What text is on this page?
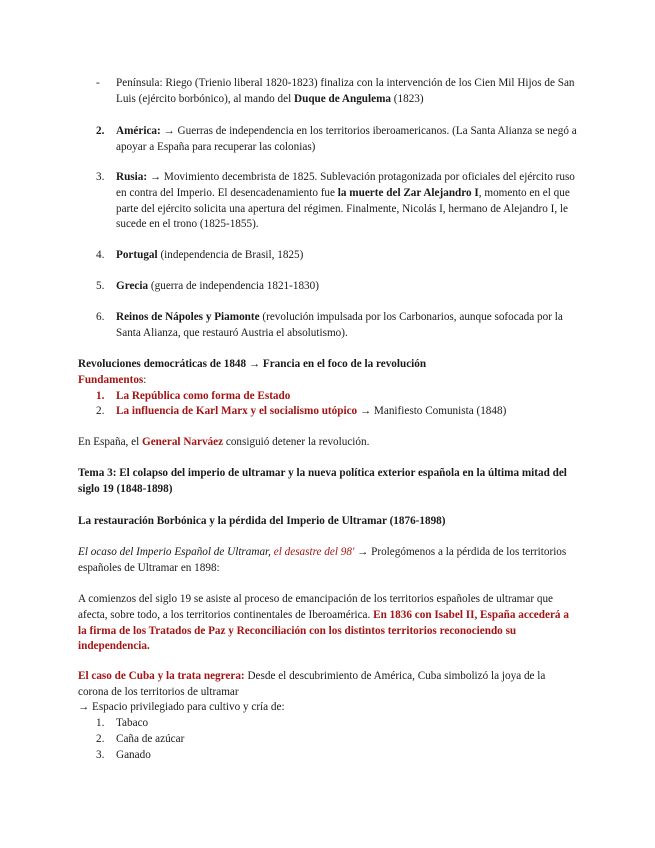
-	Península: Riego (Trienio liberal 1820-1823) finaliza con la intervención de los Cien Mil Hijos de San Luis (ejército borbónico), al mando del Duque de Angulema (1823)
2.	América: → Guerras de independencia en los territorios iberoamericanos. (La Santa Alianza se negó a apoyar a España para recuperar las colonias)
3.	Rusia: → Movimiento decembrista de 1825. Sublevación protagonizada por oficiales del ejército ruso en contra del Imperio. El desencadenamiento fue la muerte del Zar Alejandro I, momento en el que parte del ejército solicita una apertura del régimen. Finalmente, Nicolás I, hermano de Alejandro I, le sucede en el trono (1825-1855).
4.	Portugal (independencia de Brasil, 1825)
5.	Grecia (guerra de independencia 1821-1830)
6.	Reinos de Nápoles y Piamonte (revolución impulsada por los Carbonarios, aunque sofocada por la Santa Alianza, que restauró Austria el absolutismo).
Revoluciones democráticas de 1848 → Francia en el foco de la revolución
Fundamentos:
1.	La República como forma de Estado
2.	La influencia de Karl Marx y el socialismo utópico → Manifiesto Comunista (1848)
En España, el General Narváez consiguió detener la revolución.
Tema 3: El colapso del imperio de ultramar y la nueva política exterior española en la última mitad del siglo 19 (1848-1898)
La restauración Borbónica y la pérdida del Imperio de Ultramar (1876-1898)
El ocaso del Imperio Español de Ultramar, el desastre del 98' → Prolegómenos a la pérdida de los territorios españoles de Ultramar en 1898:
A comienzos del siglo 19 se asiste al proceso de emancipación de los territorios españoles de ultramar que afecta, sobre todo, a los territorios continentales de Iberoamérica. En 1836 con Isabel II, España accederá a la firma de los Tratados de Paz y Reconciliación con los distintos territorios reconociendo su independencia.
El caso de Cuba y la trata negrera: Desde el descubrimiento de América, Cuba simbolizó la joya de la corona de los territorios de ultramar
→ Espacio privilegiado para cultivo y cría de:
1.	Tabaco
2.	Caña de azúcar
3.	Ganado
